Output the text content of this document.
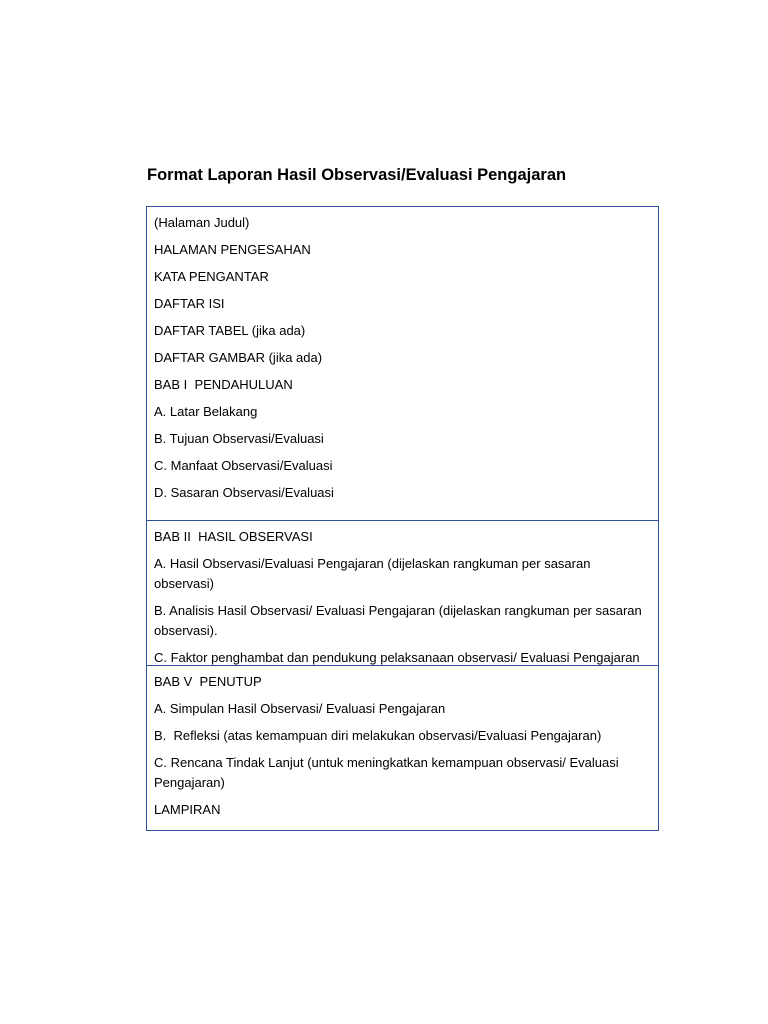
Format Laporan Hasil Observasi/Evaluasi Pengajaran
(Halaman Judul)
HALAMAN PENGESAHAN
KATA PENGANTAR
DAFTAR ISI
DAFTAR TABEL (jika ada)
DAFTAR GAMBAR (jika ada)
BAB I  PENDAHULUAN
A. Latar Belakang
B. Tujuan Observasi/Evaluasi
C. Manfaat Observasi/Evaluasi
D. Sasaran Observasi/Evaluasi
BAB II  HASIL OBSERVASI
A. Hasil Observasi/Evaluasi Pengajaran (dijelaskan rangkuman per sasaran observasi)
B. Analisis Hasil Observasi/ Evaluasi Pengajaran (dijelaskan rangkuman per sasaran observasi).
C. Faktor penghambat dan pendukung pelaksanaan observasi/ Evaluasi Pengajaran
BAB V  PENUTUP
A. Simpulan Hasil Observasi/ Evaluasi Pengajaran
B.  Refleksi (atas kemampuan diri melakukan observasi/Evaluasi Pengajaran)
C. Rencana Tindak Lanjut (untuk meningkatkan kemampuan observasi/ Evaluasi Pengajaran)
LAMPIRAN
